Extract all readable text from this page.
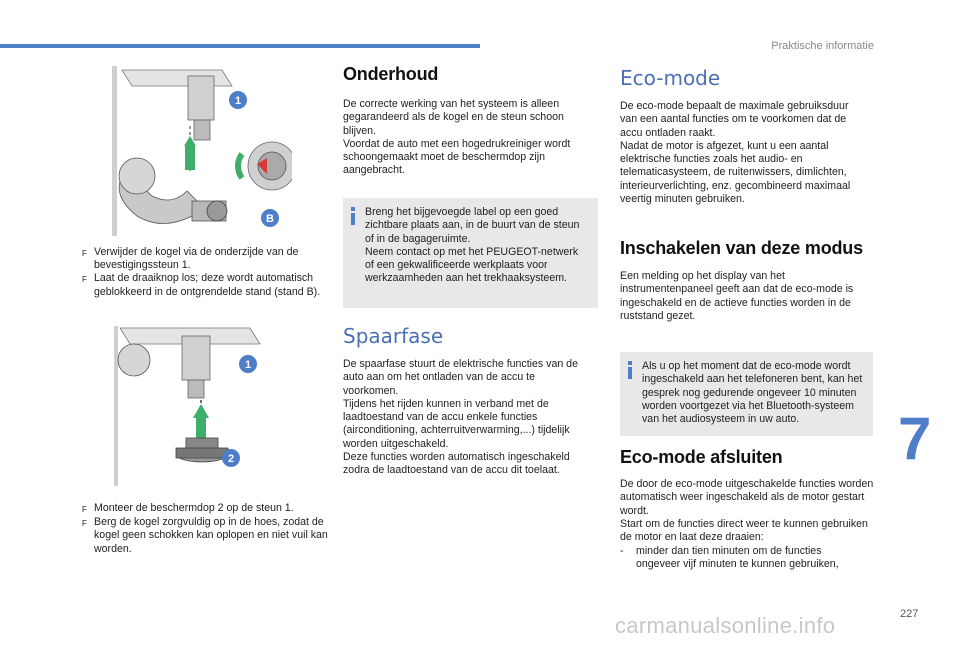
Praktische informatie
1
B
F Verwijder de kogel via de onderzijde van de bevestigingssteun 1.
F Laat de draaiknop los; deze wordt automatisch geblokkeerd in de ontgrendelde stand (stand B).
1
2
F Monteer de beschermdop 2 op de steun 1.
F Berg de kogel zorgvuldig op in de hoes, zodat de kogel geen schokken kan oplopen en niet vuil kan worden.
Onderhoud

De correcte werking van het systeem is alleen gegarandeerd als de kogel en de steun schoon blijven.
Voordat de auto met een hogedrukreiniger wordt schoongemaakt moet de beschermdop zijn aangebracht.

Breng het bijgevoegde label op een goed zichtbare plaats aan, in de buurt van de steun of in de bagageruimte.
Neem contact op met het PEUGEOT-netwerk of een gekwalificeerde werkplaats voor werkzaamheden aan het trekhaaksysteem.
Spaarfase

De spaarfase stuurt de elektrische functies van de auto aan om het ontladen van de accu te voorkomen.
Tijdens het rijden kunnen in verband met de laadtoestand van de accu enkele functies (airconditioning, achterruitverwarming,...) tijdelijk worden uitgeschakeld.
Deze functies worden automatisch ingeschakeld zodra de laadtoestand van de accu dit toelaat.

Eco-mode

De eco-mode bepaalt de maximale gebruiksduur van een aantal functies om te voorkomen dat de accu ontladen raakt.
Nadat de motor is afgezet, kunt u een aantal elektrische functies zoals het audio- en telematicasysteem, de ruitenwissers, dimlichten, interieurverlichting, enz. gecombineerd maximaal veertig minuten gebruiken.

Inschakelen van deze modus

Een melding op het display van het instrumentenpaneel geeft aan dat de eco-mode is ingeschakeld en de actieve functies worden in de ruststand gezet.

Als u op het moment dat de eco-mode wordt ingeschakeld aan het telefoneren bent, kan het gesprek nog gedurende ongeveer 10 minuten worden voortgezet via het Bluetooth-systeem van het audiosysteem in uw auto.
Eco-mode afsluiten

De door de eco-mode uitgeschakelde functies worden automatisch weer ingeschakeld als de motor gestart wordt.
Start om de functies direct weer te kunnen gebruiken de motor en laat deze draaien:

-	minder dan tien minuten om de functies ongeveer vijf minuten te kunnen gebruiken,
7
227
carmanualsonline.info
